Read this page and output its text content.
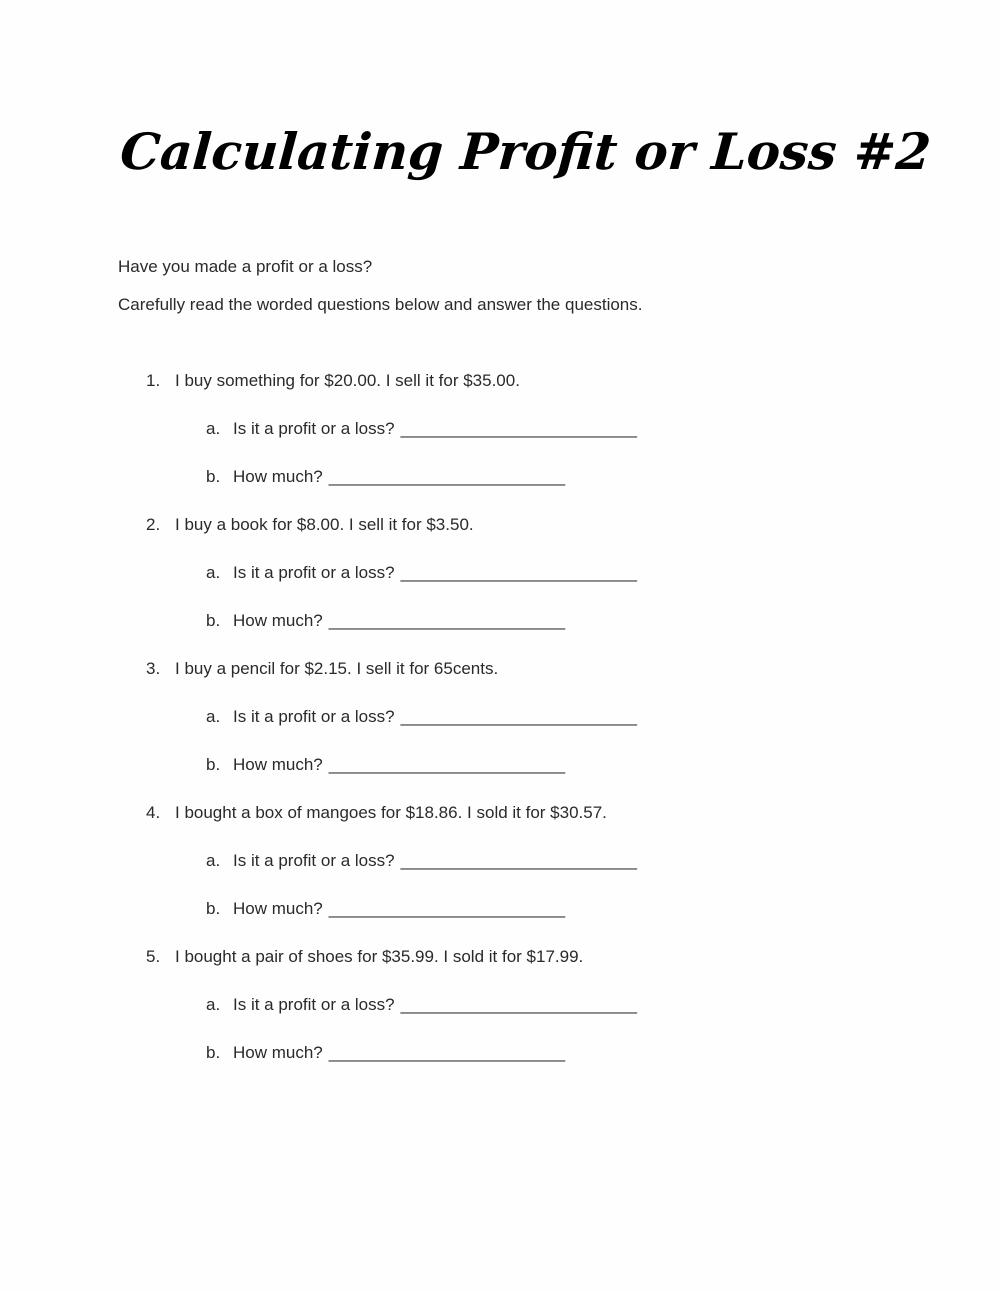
Calculating Profit or Loss #2

Have you made a profit or a loss?

Carefully read the worded questions below and answer the questions.

1. I buy something for $20.00. I sell it for $35.00.
a. Is it a profit or a loss? _________________________
b. How much? _________________________
2. I buy a book for $8.00. I sell it for $3.50.
a. Is it a profit or a loss? _________________________
b. How much? _________________________
3. I buy a pencil for $2.15. I sell it for 65cents.
a. Is it a profit or a loss? _________________________
b. How much? _________________________
4. I bought a box of mangoes for $18.86. I sold it for $30.57.
a. Is it a profit or a loss? _________________________
b. How much? _________________________
5. I bought a pair of shoes for $35.99. I sold it for $17.99.
a. Is it a profit or a loss? _________________________
b. How much? _________________________
